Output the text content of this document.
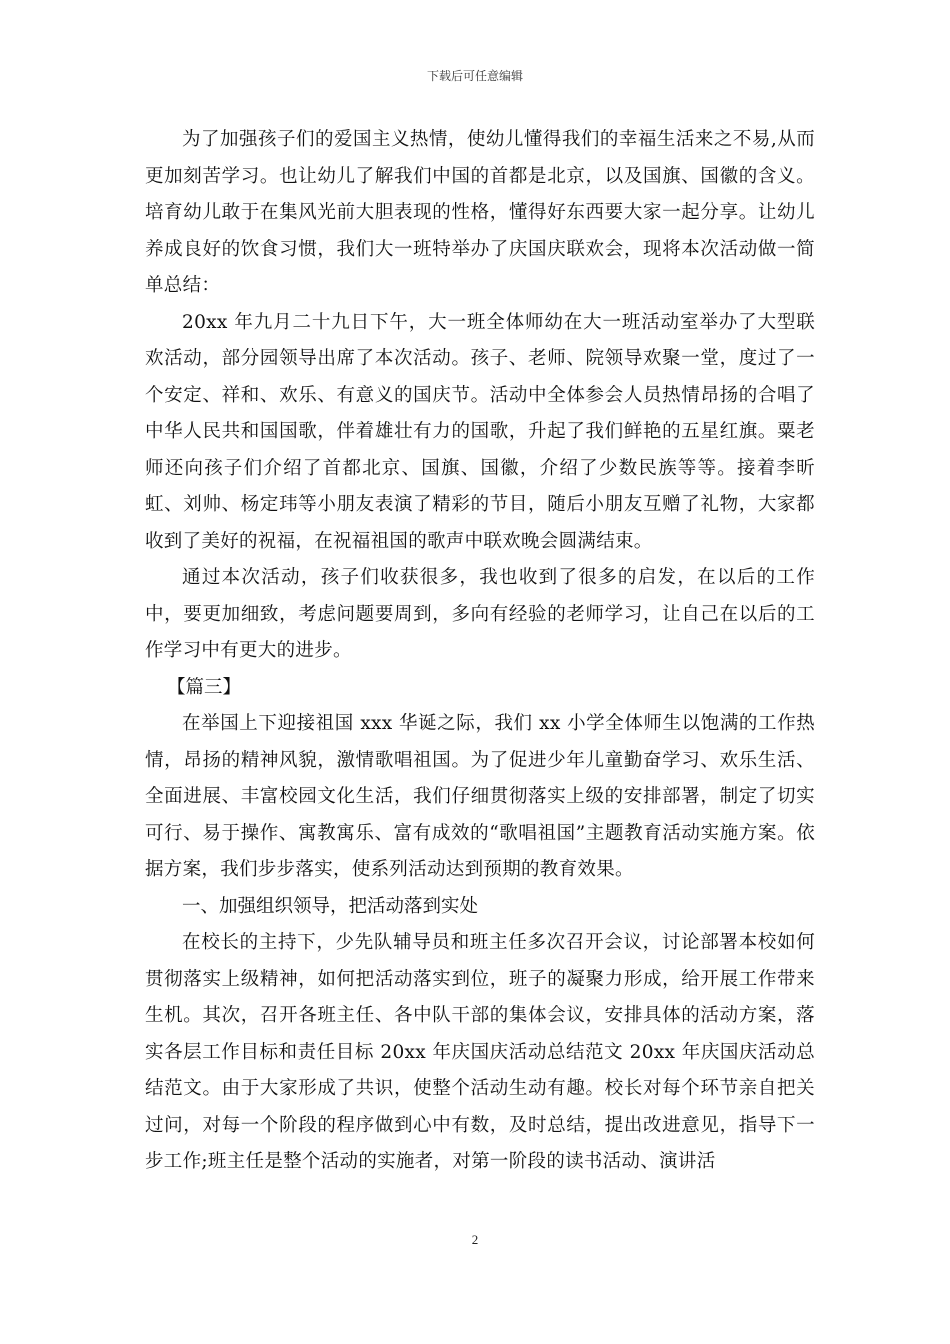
下载后可任意编辑

为了加强孩子们的爱国主义热情，使幼儿懂得我们的幸福生活来之不易,从而更加刻苦学习。也让幼儿了解我们中国的首都是北京，以及国旗、国徽的含义。培育幼儿敢于在集风光前大胆表现的性格，懂得好东西要大家一起分享。让幼儿养成良好的饮食习惯，我们大一班特举办了庆国庆联欢会，现将本次活动做一简单总结：

20xx 年九月二十九日下午，大一班全体师幼在大一班活动室举办了大型联欢活动，部分园领导出席了本次活动。孩子、老师、院领导欢聚一堂，度过了一个安定、祥和、欢乐、有意义的国庆节。活动中全体参会人员热情昂扬的合唱了中华人民共和国国歌，伴着雄壮有力的国歌，升起了我们鲜艳的五星红旗。粟老师还向孩子们介绍了首都北京、国旗、国徽，介绍了少数民族等等。接着李昕虹、刘帅、杨定玮等小朋友表演了精彩的节目，随后小朋友互赠了礼物，大家都收到了美好的祝福，在祝福祖国的歌声中联欢晚会圆满结束。

通过本次活动，孩子们收获很多，我也收到了很多的启发，在以后的工作中，要更加细致，考虑问题要周到，多向有经验的老师学习，让自己在以后的工作学习中有更大的进步。

【篇三】

在举国上下迎接祖国 xxx 华诞之际，我们 xx 小学全体师生以饱满的工作热情，昂扬的精神风貌，激情歌唱祖国。为了促进少年儿童勤奋学习、欢乐生活、全面进展、丰富校园文化生活，我们仔细贯彻落实上级的安排部署，制定了切实可行、易于操作、寓教寓乐、富有成效的“歌唱祖国”主题教育活动实施方案。依据方案，我们步步落实，使系列活动达到预期的教育效果。

一、加强组织领导，把活动落到实处

在校长的主持下，少先队辅导员和班主任多次召开会议，讨论部署本校如何贯彻落实上级精神，如何把活动落实到位，班子的凝聚力形成，给开展工作带来生机。其次，召开各班主任、各中队干部的集体会议，安排具体的活动方案，落实各层工作目标和责任目标 20xx 年庆国庆活动总结范文 20xx 年庆国庆活动总结范文。由于大家形成了共识，使整个活动生动有趣。校长对每个环节亲自把关过问，对每一个阶段的程序做到心中有数，及时总结，提出改进意见，指导下一步工作;班主任是整个活动的实施者，对第一阶段的读书活动、演讲活

2
